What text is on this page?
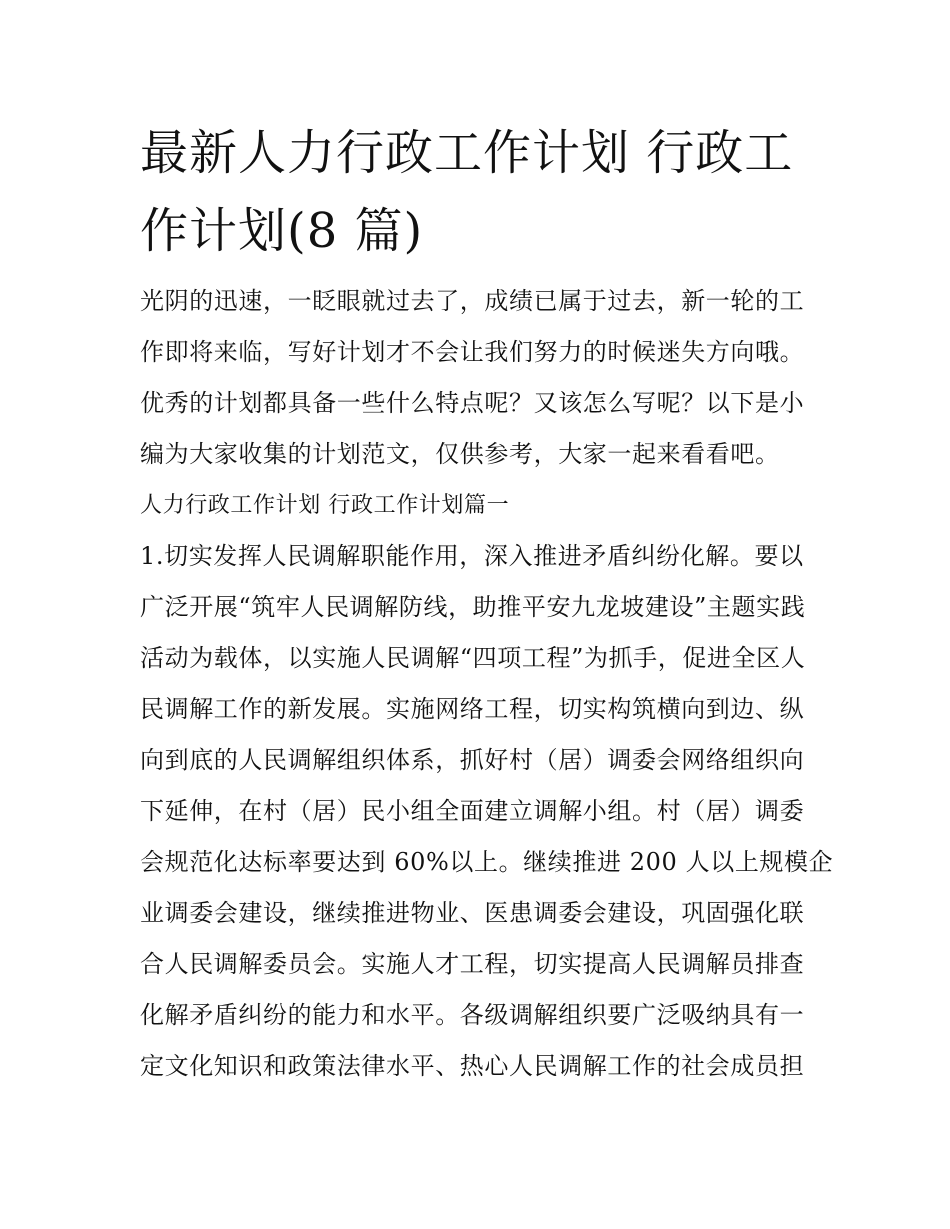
最新人力行政工作计划 行政工
作计划(8 篇)
光阴的迅速，一眨眼就过去了，成绩已属于过去，新一轮的工
作即将来临，写好计划才不会让我们努力的时候迷失方向哦。
优秀的计划都具备一些什么特点呢？又该怎么写呢？以下是小
编为大家收集的计划范文，仅供参考，大家一起来看看吧。
人力行政工作计划 行政工作计划篇一
1.切实发挥人民调解职能作用，深入推进矛盾纠纷化解。要以
广泛开展“筑牢人民调解防线，助推平安九龙坡建设”主题实践
活动为载体，以实施人民调解“四项工程”为抓手，促进全区人
民调解工作的新发展。实施网络工程，切实构筑横向到边、纵
向到底的人民调解组织体系，抓好村（居）调委会网络组织向
下延伸，在村（居）民小组全面建立调解小组。村（居）调委
会规范化达标率要达到 60%以上。继续推进 200 人以上规模企
业调委会建设，继续推进物业、医患调委会建设，巩固强化联
合人民调解委员会。实施人才工程，切实提高人民调解员排查
化解矛盾纠纷的能力和水平。各级调解组织要广泛吸纳具有一
定文化知识和政策法律水平、热心人民调解工作的社会成员担
